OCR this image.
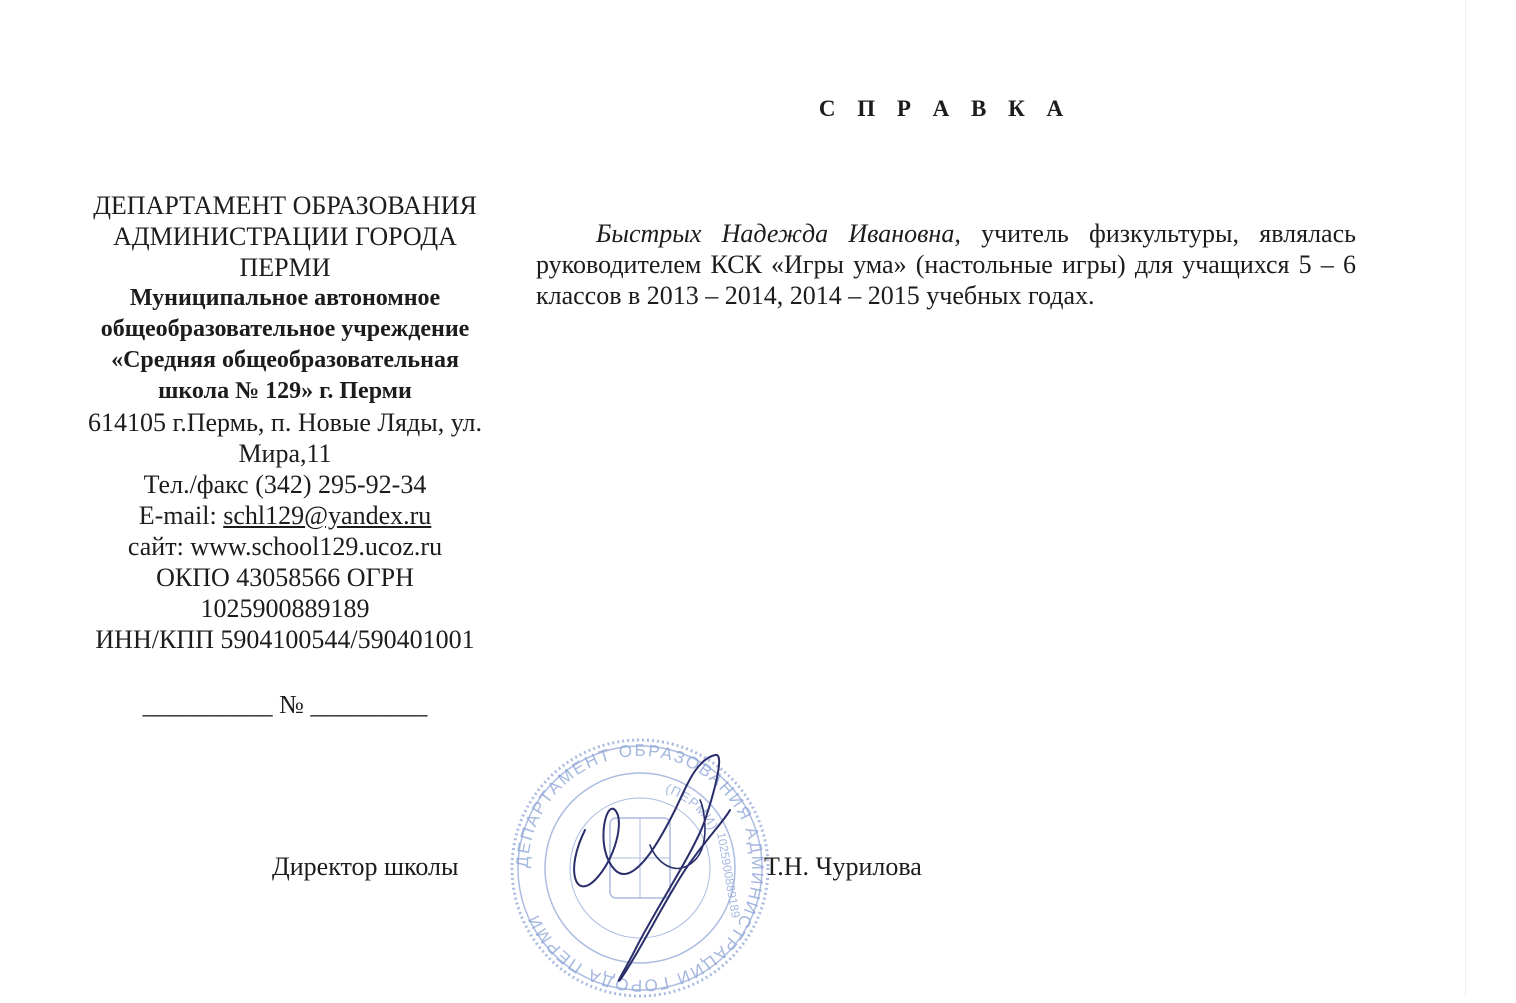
С П Р А В К А
ДЕПАРТАМЕНТ ОБРАЗОВАНИЯ
АДМИНИСТРАЦИИ ГОРОДА
ПЕРМИ
Муниципальное автономное
общеобразовательное учреждение
«Средняя общеобразовательная
школа № 129» г. Перми
614105 г.Пермь, п. Новые Ляды, ул.
Мира,11
Тел./факс (342) 295-92-34
E-mail: schl129@yandex.ru
сайт: www.school129.ucoz.ru
ОКПО 43058566 ОГРН
1025900889189
ИНН/КПП 5904100544/590401001
__________ № _________
Быстрых Надежда Ивановна, учитель физкультуры, являлась руководителем КСК «Игры ума» (настольные игры) для учащихся 5 – 6 классов в 2013 – 2014, 2014 – 2015 учебных годах.
Директор школы	ДЕПАРТАМЕНТ ОБРАЗОВАНИЯ АДМИНИСТРАЦИИ ГОРОДА ПЕРМИ
(ПЕРМИ)
1025900889189 Т.Н. Чурилова
